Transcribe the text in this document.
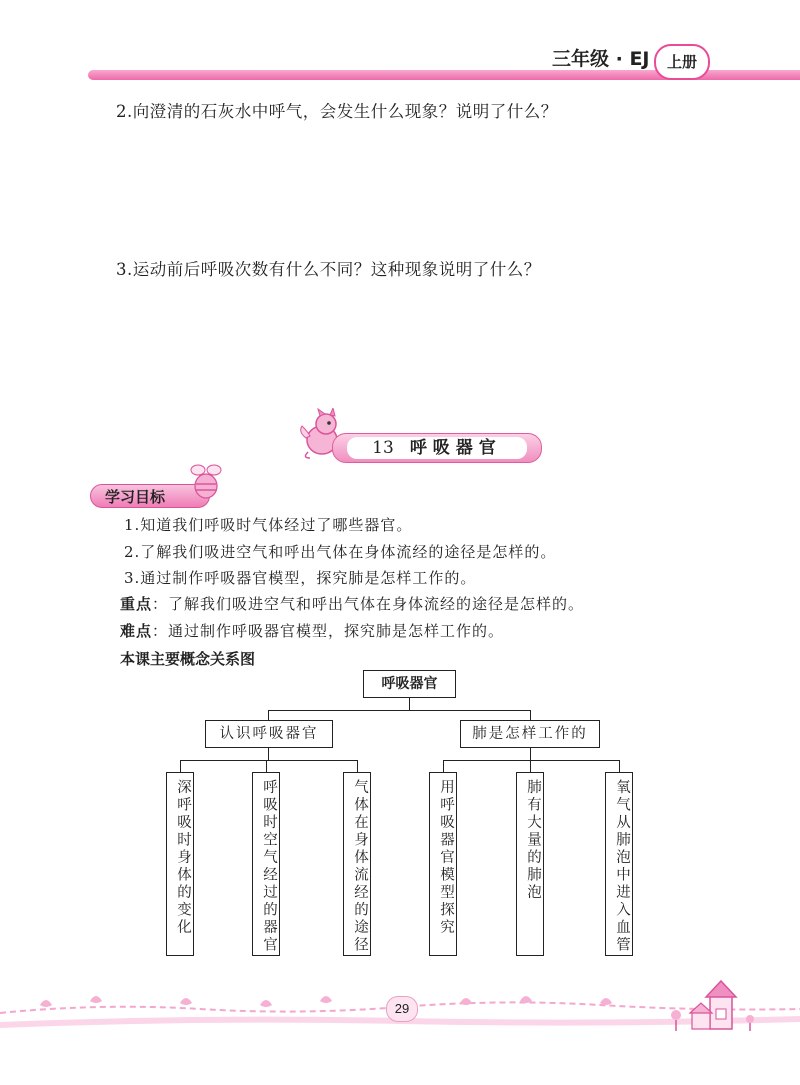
三年级 · EJ	上册
2.向澄清的石灰水中呼气，会发生什么现象？说明了什么？
3.运动前后呼吸次数有什么不同？这种现象说明了什么？
13 呼吸器官
学习目标
1.知道我们呼吸时气体经过了哪些器官。
2.了解我们吸进空气和呼出气体在身体流经的途径是怎样的。
3.通过制作呼吸器官模型，探究肺是怎样工作的。
重点：了解我们吸进空气和呼出气体在身体流经的途径是怎样的。
难点：通过制作呼吸器官模型，探究肺是怎样工作的。
本课主要概念关系图
呼吸器官
认识呼吸器官	肺是怎样工作的
深呼吸时身体的变化	呼吸时空气经过的器官	气体在身体流经的途径	用呼吸器官模型探究	肺有大量的肺泡	氧气从肺泡中进入血管
29
